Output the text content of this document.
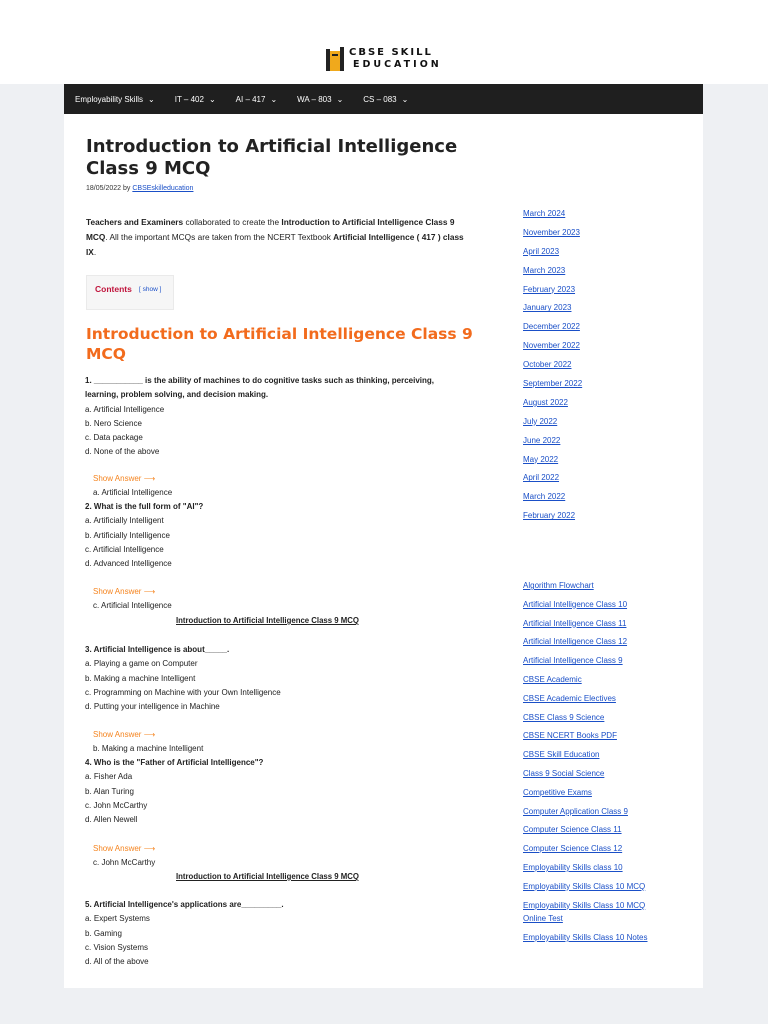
CBSE SKILL
EDUCATION
Employability Skills ⌄	IT – 402 ⌄	AI – 417 ⌄	WA – 803 ⌄	CS – 083 ⌄
Introduction to Artificial Intelligence Class 9 MCQ
18/05/2022 by CBSEskilleducation
Teachers and Examiners collaborated to create the Introduction to Artificial Intelligence Class 9 MCQ. All the important MCQs are taken from the NCERT Textbook Artificial Intelligence ( 417 ) class IX.
Contents [ show ]
Introduction to Artificial Intelligence Class 9 MCQ
1. ___________ is the ability of machines to do cognitive tasks such as thinking, perceiving, learning, problem solving, and decision making.
a. Artificial Intelligence
b. Nero Science
c. Data package
d. None of the above
Show Answer ⟶
a. Artificial Intelligence
2. What is the full form of "AI"?
a. Artificially Intelligent
b. Artificially Intelligence
c. Artificial Intelligence
d. Advanced Intelligence
Show Answer ⟶
c. Artificial Intelligence
Introduction to Artificial Intelligence Class 9 MCQ
3. Artificial Intelligence is about_____.
a. Playing a game on Computer
b. Making a machine Intelligent
c. Programming on Machine with your Own Intelligence
d. Putting your intelligence in Machine
Show Answer ⟶
b. Making a machine Intelligent
4. Who is the "Father of Artificial Intelligence"?
a. Fisher Ada
b. Alan Turing
c. John McCarthy
d. Allen Newell
Show Answer ⟶
c. John McCarthy
Introduction to Artificial Intelligence Class 9 MCQ
5. Artificial Intelligence's applications are_________.
a. Expert Systems
b. Gaming
c. Vision Systems
d. All of the above
March 2024
November 2023
April 2023
March 2023
February 2023
January 2023
December 2022
November 2022
October 2022
September 2022
August 2022
July 2022
June 2022
May 2022
April 2022
March 2022
February 2022
Algorithm Flowchart
Artificial Intelligence Class 10
Artificial Intelligence Class 11
Artificial Intelligence Class 12
Artificial Intelligence Class 9
CBSE Academic
CBSE Academic Electives
CBSE Class 9 Science
CBSE NCERT Books PDF
CBSE Skill Education
Class 9 Social Science
Competitive Exams
Computer Application Class 9
Computer Science Class 11
Computer Science Class 12
Employability Skills class 10
Employability Skills Class 10 MCQ
Employability Skills Class 10 MCQ Online Test
Employability Skills Class 10 Notes
